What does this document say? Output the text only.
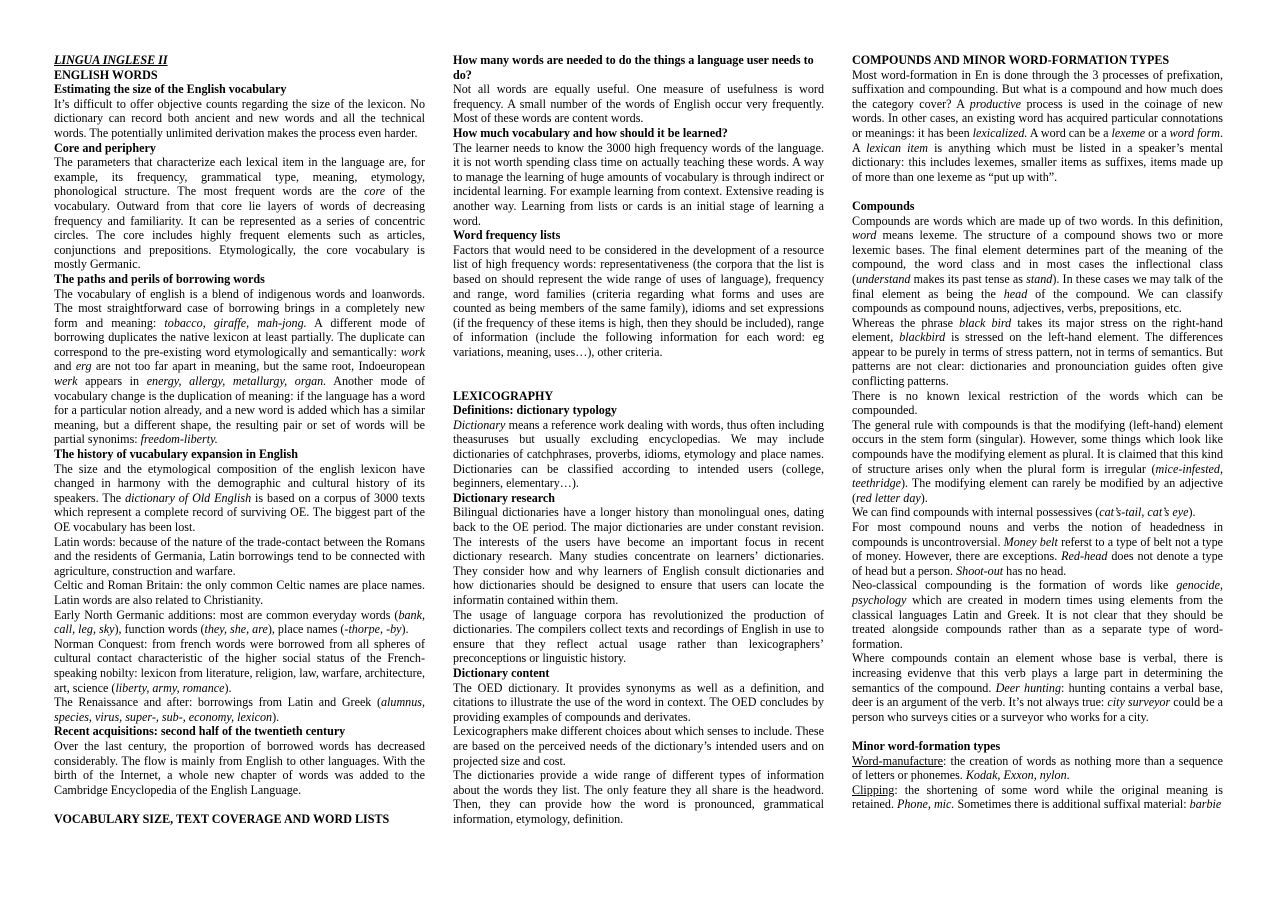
LINGUA INGLESE II
ENGLISH WORDS
Estimating the size of the English vocabulary

It’s difficult to offer objective counts regarding the size of the lexicon. No dictionary can record both ancient and new words and all the technical words. The potentially unlimited derivation makes the process even harder.

Core and periphery

The parameters that characterize each lexical item in the language are, for example, its frequency, grammatical type, meaning, etymology, phonological structure. The most frequent words are the core of the vocabulary. Outward from that core lie layers of words of decreasing frequency and familiarity. It can be represented as a series of concentric circles. The core includes highly frequent elements such as articles, conjunctions and prepositions. Etymologically, the core vocabulary is mostly Germanic.

The paths and perils of borrowing words

The vocabulary of english is a blend of indigenous words and loanwords. The most straightforward case of borrowing brings in a completely new form and meaning: tobacco, giraffe, mah-jong. A different mode of borrowing duplicates the native lexicon at least partially. The duplicate can correspond to the pre-existing word etymologically and semantically: work and erg are not too far apart in meaning, but the same root, Indoeuropean werk appears in energy, allergy, metallurgy, organ. Another mode of vocabulary change is the duplication of meaning: if the language has a word for a particular notion already, and a new word is added which has a similar meaning, but a different shape, the resulting pair or set of words will be partial synonims: freedom-liberty.

The history of vucabulary expansion in English

The size and the etymological composition of the english lexicon have changed in harmony with the demographic and cultural history of its speakers. The dictionary of Old English is based on a corpus of 3000 texts which represent a complete record of surviving OE. The biggest part of the OE vocabulary has been lost.

Latin words: because of the nature of the trade-contact between the Romans and the residents of Germania, Latin borrowings tend to be connected with agriculture, construction and warfare.

Celtic and Roman Britain: the only common Celtic names are place names. Latin words are also related to Christianity.

Early North Germanic additions: most are common everyday words (bank, call, leg, sky), function words (they, she, are), place names (-thorpe, -by).

Norman Conquest: from french words were borrowed from all spheres of cultural contact characteristic of the higher social status of the French-speaking nobilty: lexicon from literature, religion, law, warfare, architecture, art, science (liberty, army, romance).

The Renaissance and after: borrowings from Latin and Greek (alumnus, species, virus, super-, sub-, economy, lexicon).

Recent acquisitions: second half of the twentieth century

Over the last century, the proportion of borrowed words has decreased considerably. The flow is mainly from English to other languages. With the birth of the Internet, a whole new chapter of words was added to the Cambridge Encyclopedia of the English Language.

VOCABULARY SIZE, TEXT COVERAGE AND WORD LISTS
How many words are needed to do the things a language user needs to do?

Not all words are equally useful. One measure of usefulness is word frequency. A small number of the words of English occur very frequently. Most of these words are content words.

How much vocabulary and how should it be learned?

The learner needs to know the 3000 high frequency words of the language. it is not worth spending class time on actually teaching these words. A way to manage the learning of huge amounts of vocabulary is through indirect or incidental learning. For example learning from context. Extensive reading is another way. Learning from lists or cards is an initial stage of learning a word.

Word frequency lists

Factors that would need to be considered in the development of a resource list of high frequency words: representativeness (the corpora that the list is based on should represent the wide range of uses of language), frequency and range, word families (criteria regarding what forms and uses are counted as being members of the same family), idioms and set expressions (if the frequency of these items is high, then they should be included), range of information (include the following information for each word: eg variations, meaning, uses…), other criteria.

LEXICOGRAPHY
Definitions: dictionary typology

Dictionary means a reference work dealing with words, thus often including theasuruses but usually excluding encyclopedias. We may include dictionaries of catchphrases, proverbs, idioms, etymology and place names. Dictionaries can be classified according to intended users (college, beginners, elementary…).

Dictionary research

Bilingual dictionaries have a longer history than monolingual ones, dating back to the OE period. The major dictionaries are under constant revision. The interests of the users have become an important focus in recent dictionary research. Many studies concentrate on learners’ dictionaries. They consider how and why learners of English consult dictionaries and how dictionaries should be designed to ensure that users can locate the informatin contained within them.

The usage of language corpora has revolutionized the production of dictionaries. The compilers collect texts and recordings of English in use to ensure that they reflect actual usage rather than lexicographers’ preconceptions or linguistic history.

Dictionary content

The OED dictionary. It provides synonyms as well as a definition, and citations to illustrate the use of the word in context. The OED concludes by providing examples of compounds and derivates.

Lexicographers make different choices about which senses to include. These are based on the perceived needs of the dictionary’s intended users and on projected size and cost.

The dictionaries provide a wide range of different types of information about the words they list. The only feature they all share is the headword. Then, they can provide how the word is pronounced, grammatical information, etymology, definition.

COMPOUNDS AND MINOR WORD-FORMATION TYPES

Most word-formation in En is done through the 3 processes of prefixation, suffixation and compounding. But what is a compound and how much does the category cover? A productive process is used in the coinage of new words. In other cases, an existing word has acquired particular connotations or meanings: it has been lexicalized. A word can be a lexeme or a word form. A lexican item is anything which must be listed in a speaker’s mental dictionary: this includes lexemes, smaller items as suffixes, items made up of more than one lexeme as “put up with”.

Compounds

Compounds are words which are made up of two words. In this definition, word means lexeme. The structure of a compound shows two or more lexemic bases. The final element determines part of the meaning of the compound, the word class and in most cases the inflectional class (understand makes its past tense as stand). In these cases we may talk of the final element as being the head of the compound. We can classify compounds as compound nouns, adjectives, verbs, prepositions, etc.

Whereas the phrase black bird takes its major stress on the right-hand element, blackbird is stressed on the left-hand element. The differences appear to be purely in terms of stress pattern, not in terms of semantics. But patterns are not clear: dictionaries and pronounciation guides often give conflicting patterns.

There is no known lexical restriction of the words which can be compounded.

The general rule with compounds is that the modifying (left-hand) element occurs in the stem form (singular). However, some things which look like compounds have the modifying element as plural. It is claimed that this kind of structure arises only when the plural form is irregular (mice-infested, teethridge). The modifying element can rarely be modified by an adjective (red letter day).

We can find compounds with internal possessives (cat’s-tail, cat’s eye).

For most compound nouns and verbs the notion of headedness in compounds is uncontroversial. Money belt referst to a type of belt not a type of money. However, there are exceptions. Red-head does not denote a type of head but a person. Shoot-out has no head.

Neo-classical compounding is the formation of words like genocide, psychology which are created in modern times using elements from the classical languages Latin and Greek. It is not clear that they should be treated alongside compounds rather than as a separate type of word-formation.

Where compounds contain an element whose base is verbal, there is increasing evidenve that this verb plays a large part in determining the semantics of the compound. Deer hunting: hunting contains a verbal base, deer is an argument of the verb. It’s not always true: city surveyor could be a person who surveys cities or a surveyor who works for a city.

Minor word-formation types

Word-manufacture: the creation of words as nothing more than a sequence of letters or phonemes. Kodak, Exxon, nylon.

Clipping: the shortening of some word while the original meaning is retained. Phone, mic. Sometimes there is additional suffixal material: barbie
